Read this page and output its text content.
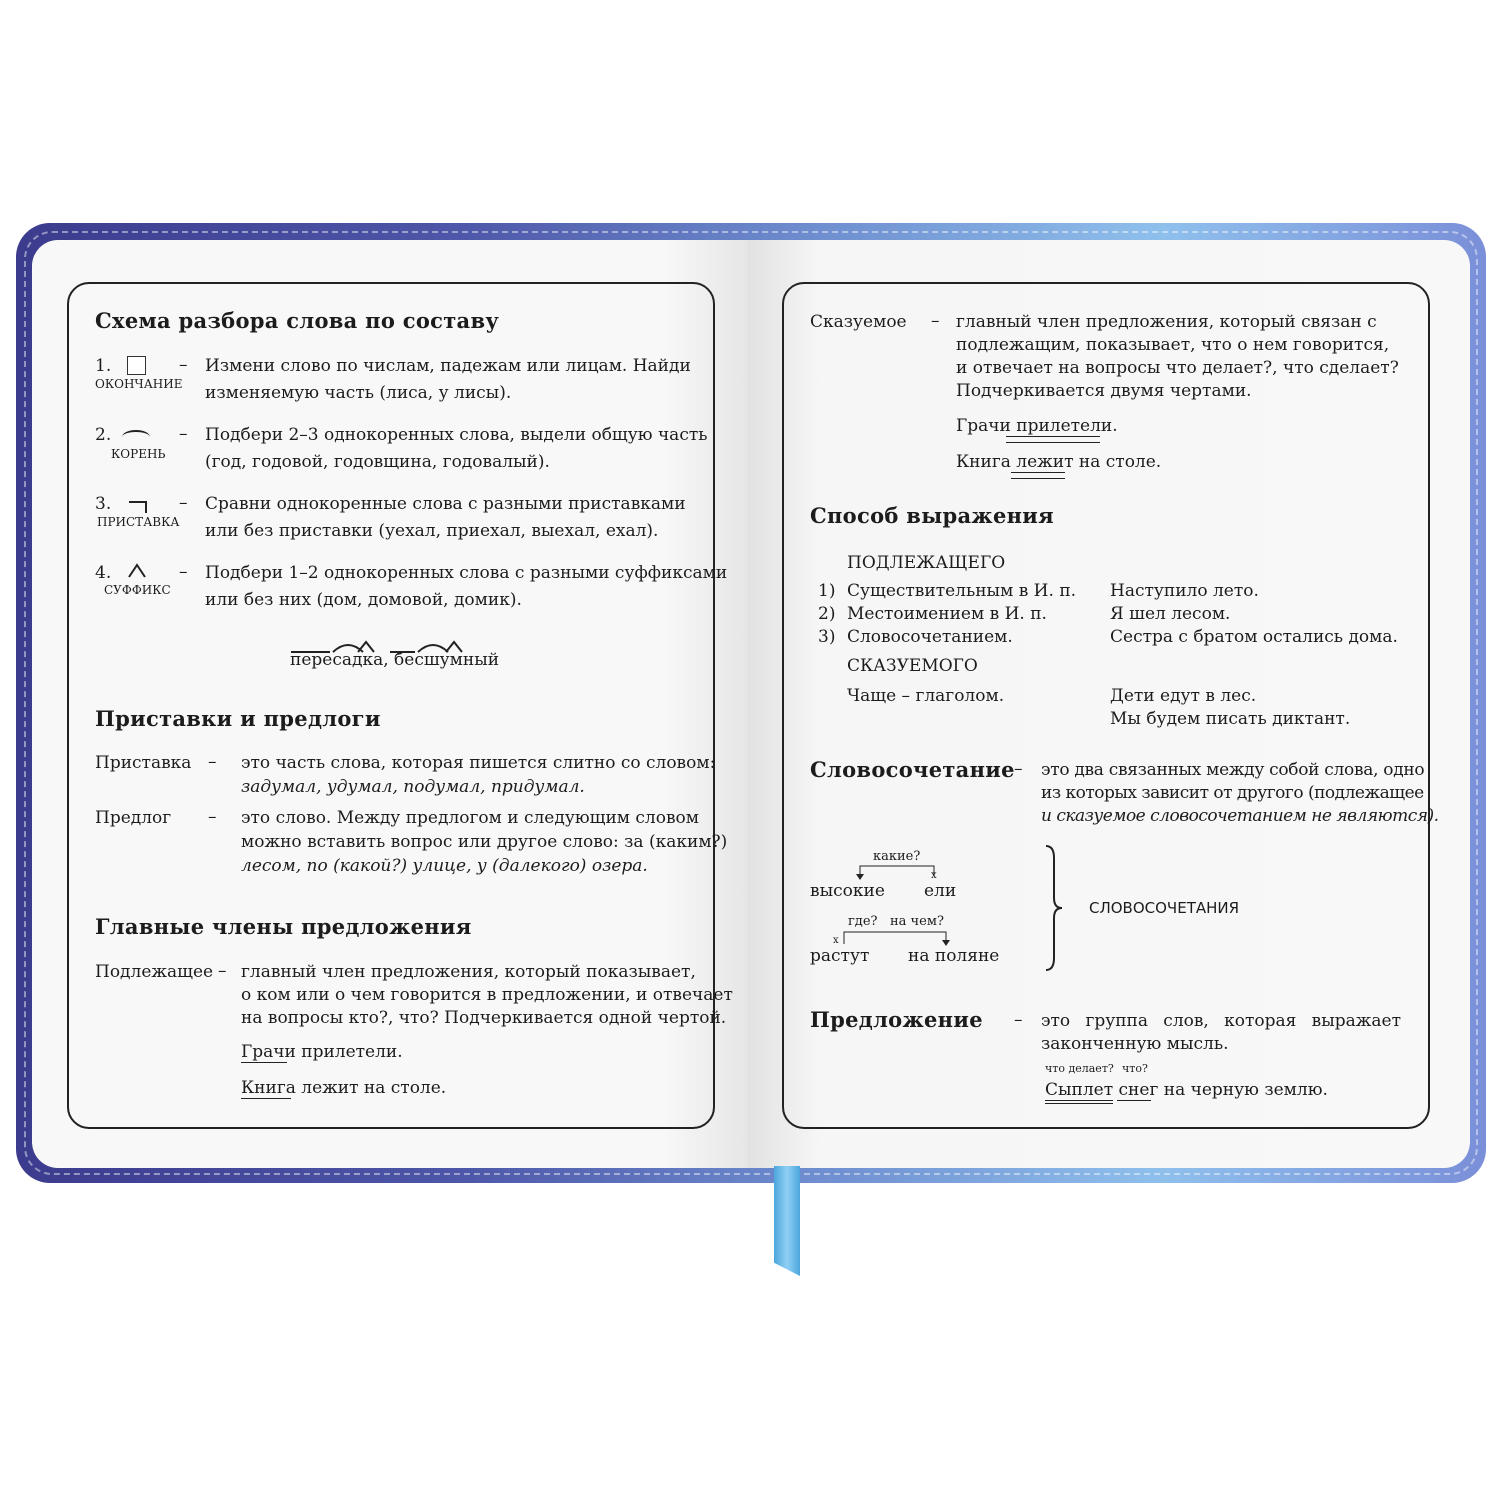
Схема разбора слова по составу
1.
ОКОНЧАНИЕ
– Измени слово по числам, падежам или лицам. Найди
изменяемую часть (лиса, у лисы).
2.
КОРЕНЬ
– Подбери 2–3 однокоренных слова, выдели общую часть
(год, годовой, годовщина, годовалый).
3.
ПРИСТАВКА
– Сравни однокоренные слова с разными приставками
или без приставки (уехал, приехал, выехал, ехал).
4.
СУФФИКС
– Подбери 1–2 однокоренных слова с разными суффиксами
или без них (дом, домовой, домик).
пересадка, бесшумный
Приставки и предлоги
Приставка – это часть слова, которая пишется слитно со словом:
задумал, удумал, подумал, придумал.
Предлог – это слово. Между предлогом и следующим словом
можно вставить вопрос или другое слово: за (каким?)
лесом, по (какой?) улице, у (далекого) озера.
Главные члены предложения
Подлежащее – главный член предложения, который показывает,
о ком или о чем говорится в предложении, и отвечает
на вопросы кто?, что? Подчеркивается одной чертой.
Грачи прилетели.
Книга лежит на столе.
Сказуемое – главный член предложения, который связан с
подлежащим, показывает, что о нем говорится,
и отвечает на вопросы что делает?, что сделает?
Подчеркивается двумя чертами.
Грачи прилетели.
Книга лежит на столе.
Способ выражения
ПОДЛЕЖАЩЕГО
1) Существительным в И. п. Наступило лето.
2) Местоимением в И. п.	Я шел лесом.
3) Словосочетанием.	Сестра с братом остались дома.
СКАЗУЕМОГО
Чаще – глаголом.	Дети едут в лес.
Мы будем писать диктант.
Словосочетание – это два связанных между собой слова, одно
из которых зависит от другого (подлежащее
и сказуемое словосочетанием не являются).
какие?
x
высокие ели
где? на чем?
x
растут на поляне
СЛОВОСОЧЕТАНИЯ
Предложение – это группа слов, которая выражает
законченную мысль.
что делает? что?
Сыплет снег на черную землю.
